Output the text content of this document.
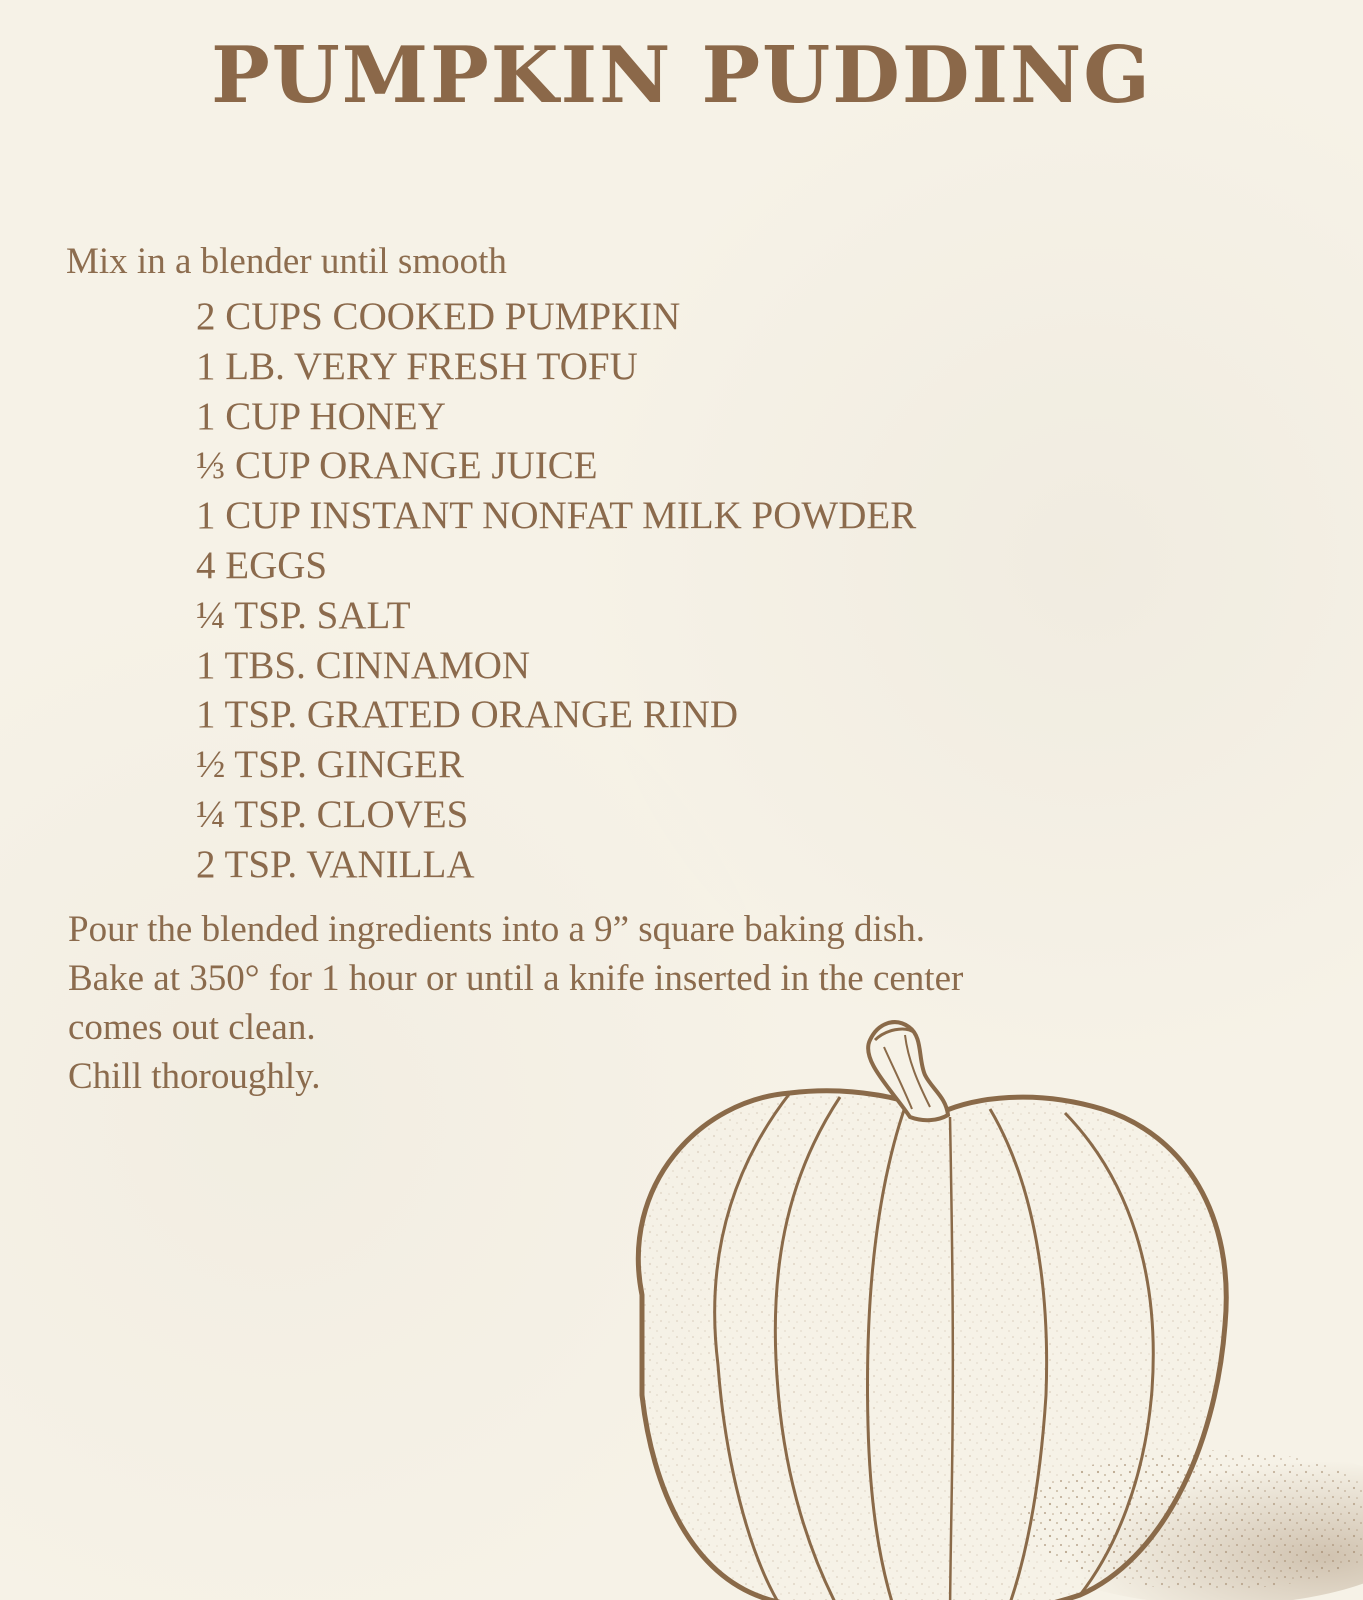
PUMPKIN PUDDING
Mix in a blender until smooth
2 CUPS COOKED PUMPKIN
1 LB. VERY FRESH TOFU
1 CUP HONEY
⅓ CUP ORANGE JUICE
1 CUP INSTANT NONFAT MILK POWDER
4 EGGS
¼ TSP. SALT
1 TBS. CINNAMON
1 TSP. GRATED ORANGE RIND
½ TSP. GINGER
¼ TSP. CLOVES
2 TSP. VANILLA

Pour the blended ingredients into a 9” square baking dish.

Bake at 350° for 1 hour or until a knife inserted in the center

comes out clean.

Chill thoroughly.
